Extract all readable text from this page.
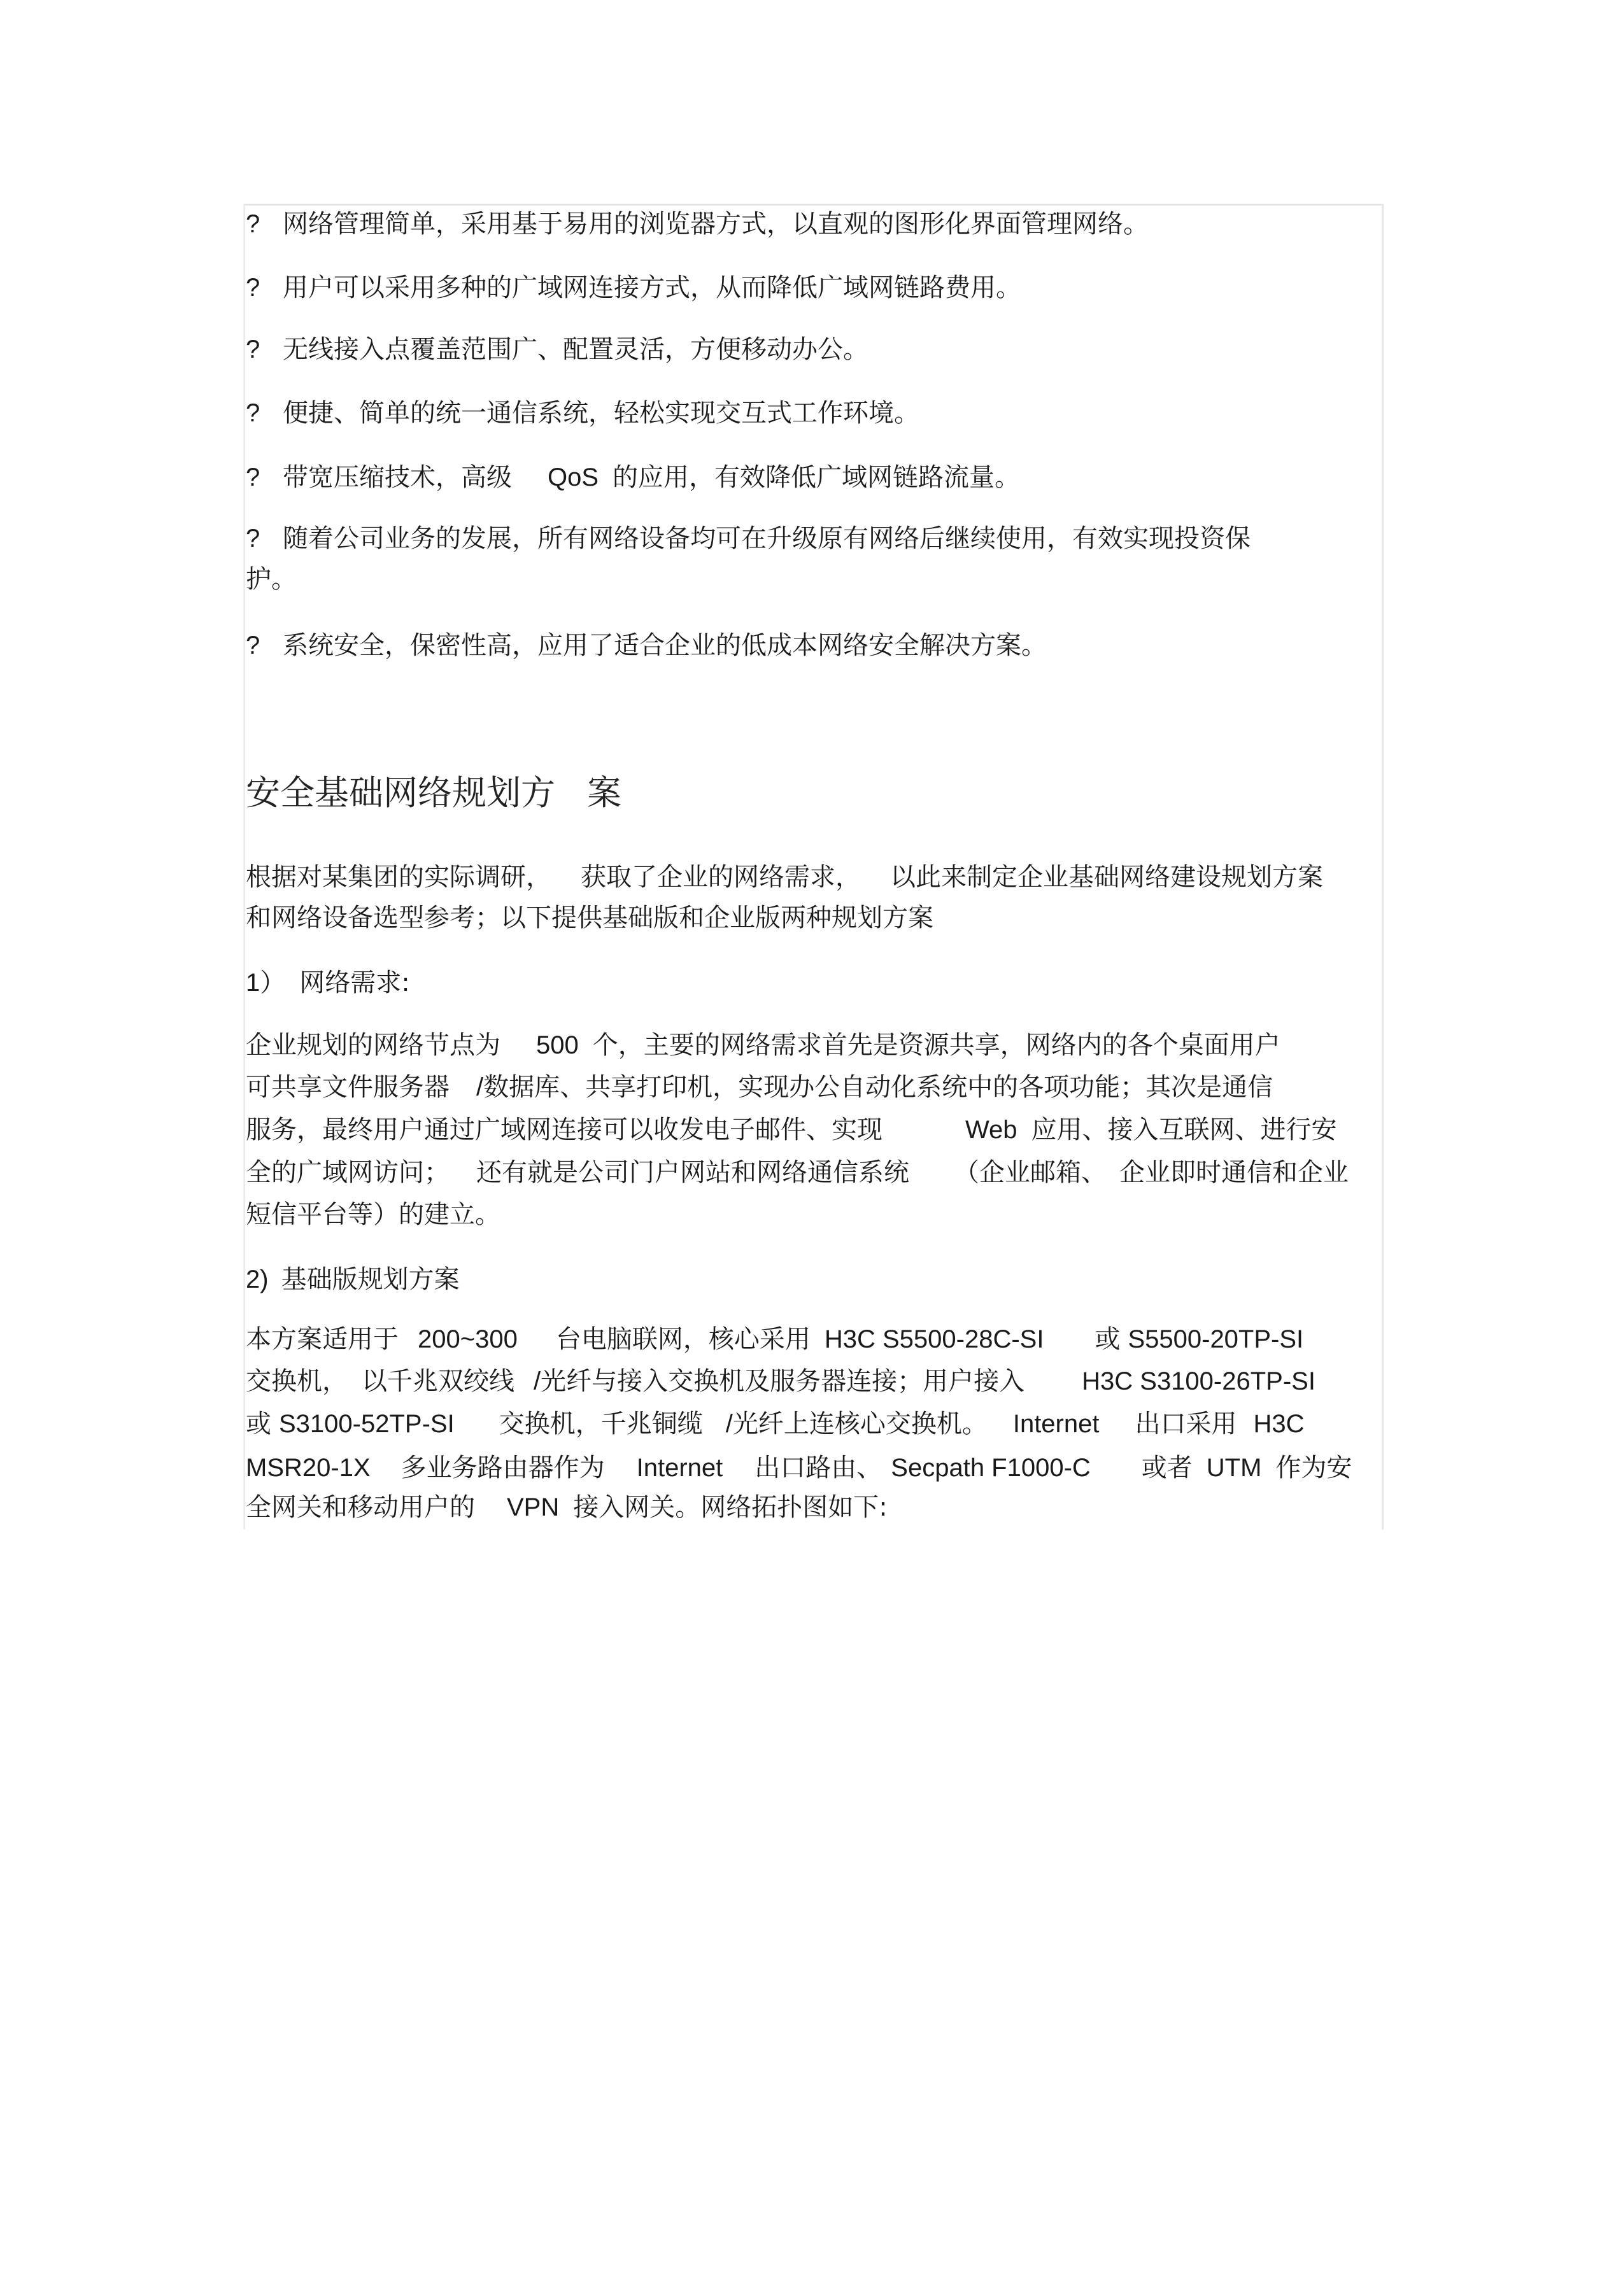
? 网络管理简单，采用基于易用的浏览器方式，以直观的图形化界面管理网络。
? 用户可以采用多种的广域网连接方式，从而降低广域网链路费用。
? 无线接入点覆盖范围广、配置灵活，方便移动办公。
? 便捷、简单的统一通信系统，轻松实现交互式工作环境。
? 带宽压缩技术，高级 QoS 的应用，有效降低广域网链路流量。
? 随着公司业务的发展，所有网络设备均可在升级原有网络后继续使用，有效实现投资保
护。
? 系统安全，保密性高，应用了适合企业的低成本网络安全解决方案。
安全基础网络规划方 案
根据对某集团的实际调研， 获取了企业的网络需求， 以此来制定企业基础网络建设规划方案
和网络设备选型参考；以下提供基础版和企业版两种规划方案
1） 网络需求:
企业规划的网络节点为 500 个，主要的网络需求首先是资源共享，网络内的各个桌面用户
可共享文件服务器 /数据库、共享打印机，实现办公自动化系统中的各项功能；其次是通信
服务，最终用户通过广域网连接可以收发电子邮件、实现	Web 应用、接入互联网、进行安
全的广域网访问； 还有就是公司门户网站和网络通信系统 （企业邮箱、 企业即时通信和企业
短信平台等）的建立。
2) 基础版规划方案
本方案适用于 200~300 台电脑联网，核心采用 H3C S5500-28C-SI 或 S5500-20TP-SI
交换机， 以千兆双绞线 /光纤与接入交换机及服务器连接；用户接入 H3C S3100-26TP-SI
或 S3100-52TP-SI 交换机，千兆铜缆 /光纤上连核心交换机。 Internet 出口采用 H3C
MSR20-1X 多业务路由器作为 Internet 出口路由、 Secpath F1000-C 或者 UTM 作为安
全网关和移动用户的 VPN 接入网关。网络拓扑图如下:
